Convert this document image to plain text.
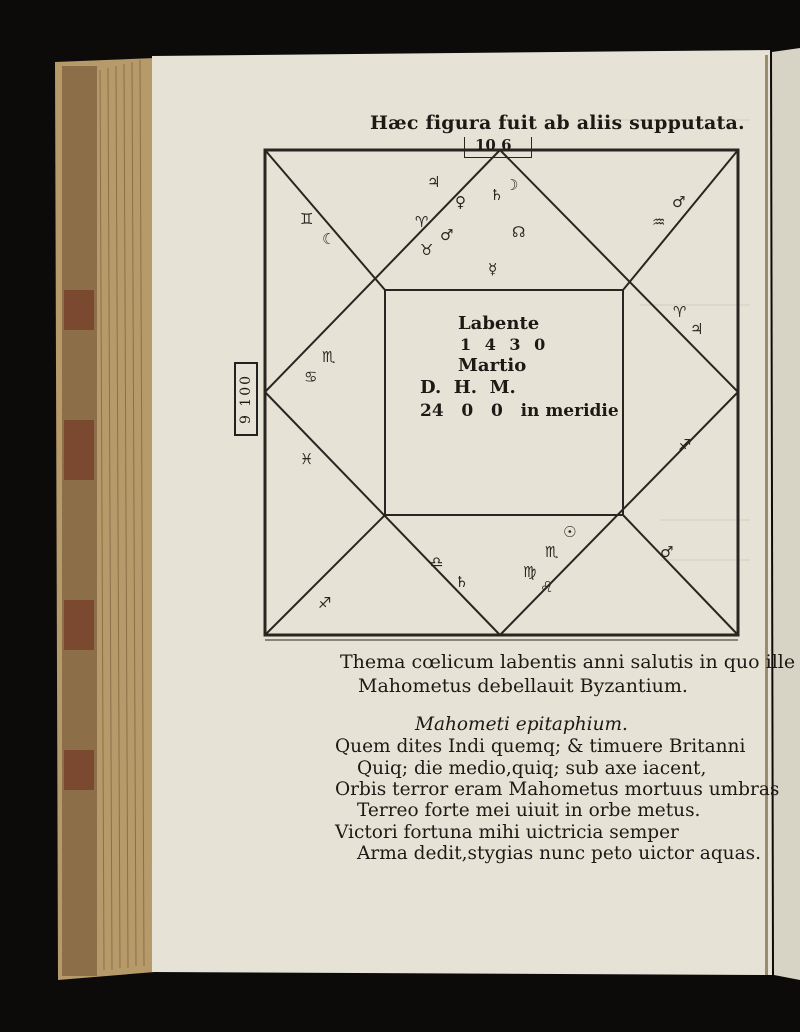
9 100
Hæc figura fuit ab aliis supputata.
10 6
Labente
1 4 3 0
Martio
D.  H.  M.
24   0   0   in meridie
♃
♀ ♄
☽
♈
♂	☊
♉
☿
♊
☾
♒
♂
♏
♋
♈
♃
♓
♐
♐
♂
♎
♏
♍
♌
♄
☉
Thema cœlicum labentis anni salutis in quo ille
Mahometus debellauit Byzantium.
Mahometi epitaphium.
Quem dites Indi quemq; & timuere Britanni
Quiq; die medio,quiq; sub axe iacent,
Orbis terror eram Mahometus mortuus umbras
Terreo forte mei uiuit in orbe metus.
Victori fortuna mihi uictricia semper
Arma dedit,stygias nunc peto uictor aquas.
